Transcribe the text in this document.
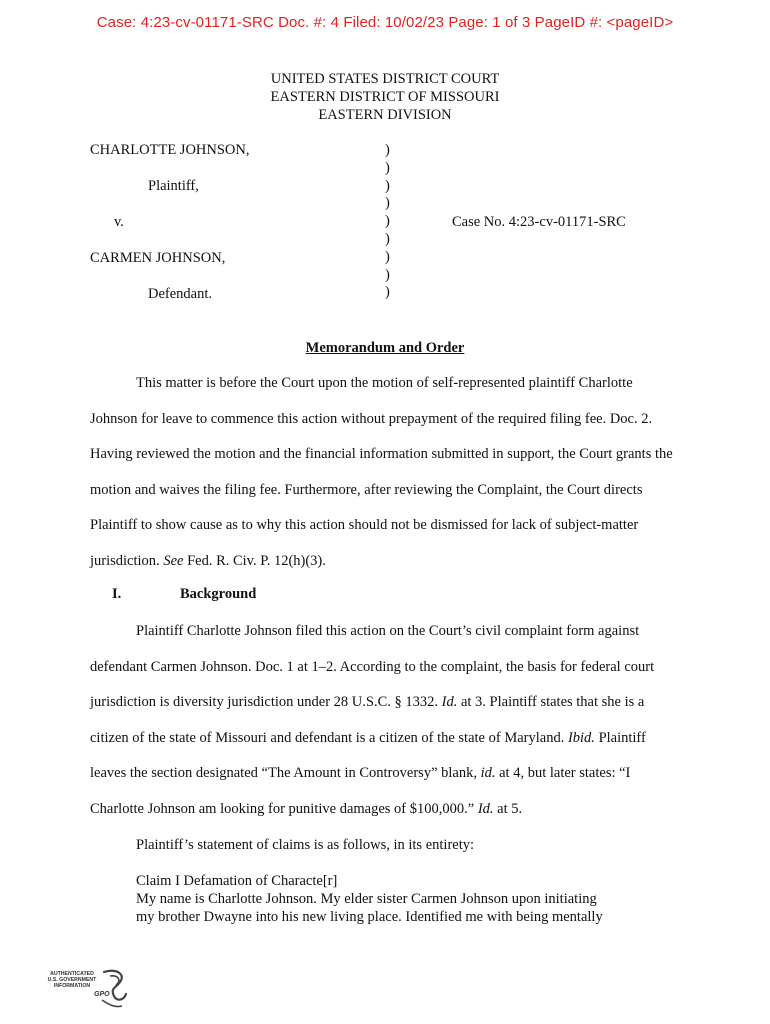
Case: 4:23-cv-01171-SRC Doc. #: 4 Filed: 10/02/23 Page: 1 of 3 PageID #: <pageID>
UNITED STATES DISTRICT COURT
EASTERN DISTRICT OF MISSOURI
EASTERN DIVISION
CHARLOTTE JOHNSON,
Plaintiff,
v.
CARMEN JOHNSON,
Defendant.
)
)
)
)
)
)
)
)
)
Case No. 4:23-cv-01171-SRC
Memorandum and Order

This matter is before the Court upon the motion of self-represented plaintiff Charlotte Johnson for leave to commence this action without prepayment of the required filing fee. Doc. 2. Having reviewed the motion and the financial information submitted in support, the Court grants the motion and waives the filing fee. Furthermore, after reviewing the Complaint, the Court directs Plaintiff to show cause as to why this action should not be dismissed for lack of subject-matter jurisdiction. See Fed. R. Civ. P. 12(h)(3).

I.	Background

Plaintiff Charlotte Johnson filed this action on the Court’s civil complaint form against defendant Carmen Johnson. Doc. 1 at 1–2. According to the complaint, the basis for federal court jurisdiction is diversity jurisdiction under 28 U.S.C. § 1332. Id. at 3. Plaintiff states that she is a citizen of the state of Missouri and defendant is a citizen of the state of Maryland. Ibid. Plaintiff leaves the section designated “The Amount in Controversy” blank, id. at 4, but later states: “I Charlotte Johnson am looking for punitive damages of $100,000.” Id. at 5.

Plaintiff’s statement of claims is as follows, in its entirety:

Claim I Defamation of Characte[r]

My name is Charlotte Johnson. My elder sister Carmen Johnson upon initiating

my brother Dwayne into his new living place. Identified me with being mentally

AUTHENTICATED
U.S. GOVERNMENT
INFORMATION
GPO
